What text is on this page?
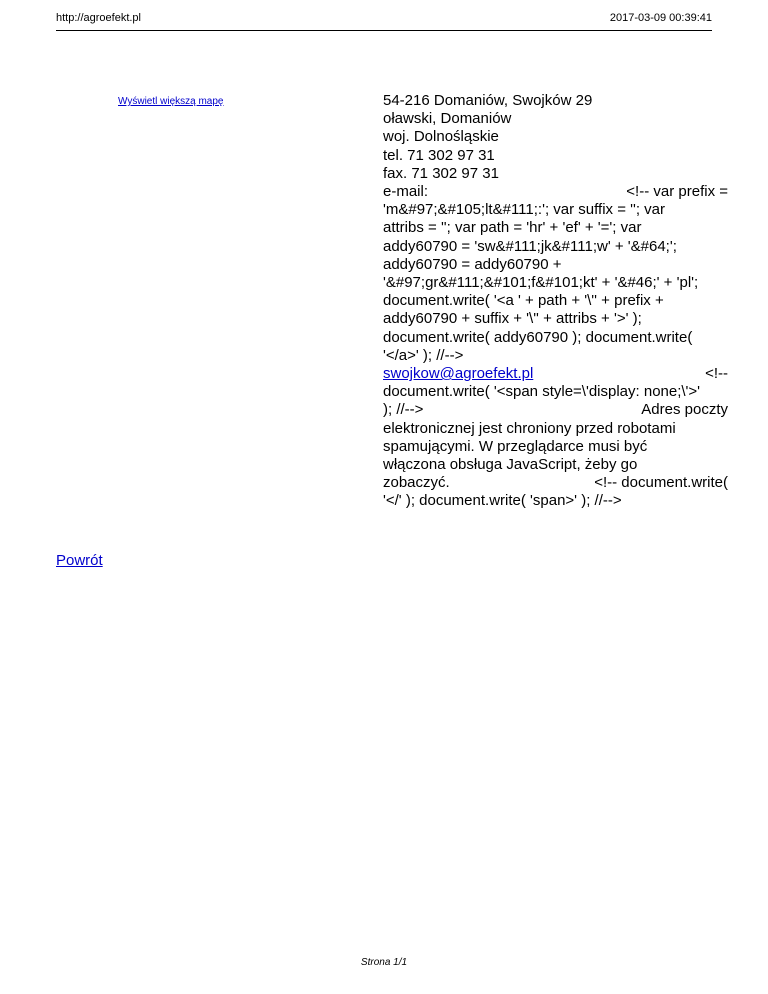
http://agroefekt.pl	2017-03-09 00:39:41
Wyświetl większą mapę	54-216 Domaniów, Swojków 29
oławski, Domaniów
woj. Dolnośląskie
tel. 71 302 97 31
fax. 71 302 97 31
e-mail:	<!-- var prefix =
'm&#97;&#105;lt&#111;:'; var suffix = ''; var
attribs = ''; var path = 'hr' + 'ef' + '='; var
addy60790 = 'sw&#111;jk&#111;w' + '&#64;';
addy60790 = addy60790 +
'&#97;gr&#111;&#101;f&#101;kt' + '&#46;' + 'pl';
document.write( '<a ' + path + '\'' + prefix +
addy60790 + suffix + '\'' + attribs + '>' );
document.write( addy60790 ); document.write(
'</a>' ); //-->
swojkow@agroefekt.pl	<!--
document.write( '<span style=\'display: none;\'>'
); //-->	Adres poczty
elektronicznej jest chroniony przed robotami
spamującymi. W przeglądarce musi być
włączona obsługa JavaScript, żeby go
zobaczyć.	<!-- document.write(
'</' ); document.write( 'span>' ); //-->
Powrót
Strona 1/1
